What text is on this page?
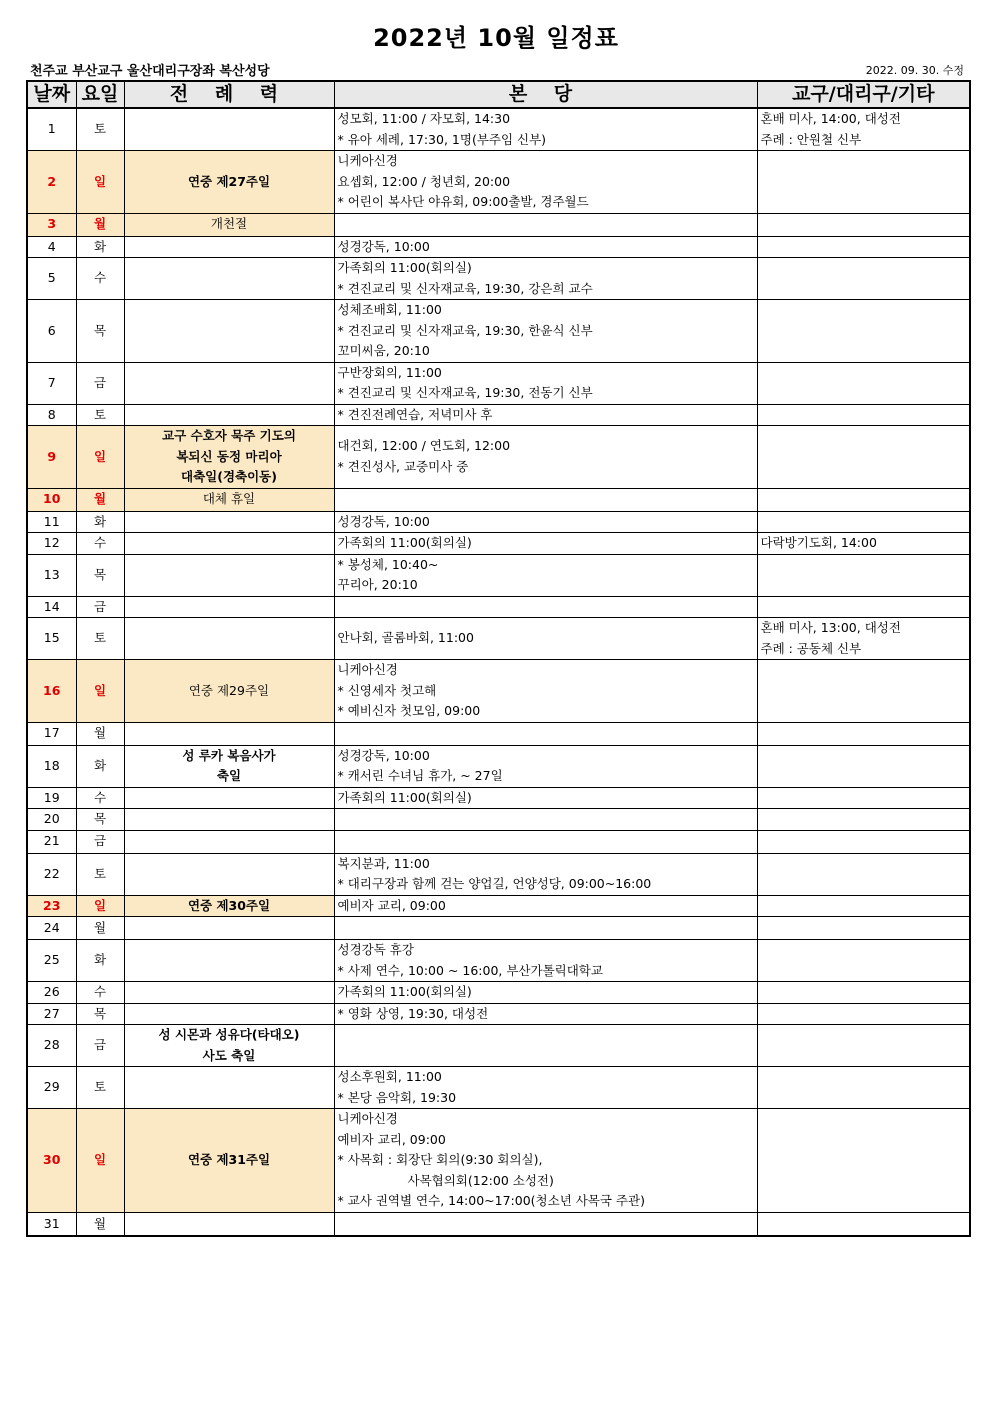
2022년 10월 일정표
천주교 부산교구 울산대리구장좌 복산성당	2022. 09. 30. 수정
날짜	요일	전 례 력	본 당	교구/대리구/기타
1	토		성모회, 11:00 / 자모회, 14:30
* 유아 세례, 17:30, 1명(부주임 신부)	혼배 미사, 14:00, 대성전
주례 : 안원철 신부

2	일	연중 제27주일	니케아신경
요셉회, 12:00 / 청년회, 20:00
* 어린이 복사단 야유회, 09:00출발, 경주월드	

3	월	개천절		

4	화		성경강독, 10:00	

5	수		가족회의 11:00(회의실)
* 견진교리 및 신자재교육, 19:30, 강은희 교수	

6	목		성체조배회, 11:00
* 견진교리 및 신자재교육, 19:30, 한윤식 신부
꼬미씨움, 20:10	

7	금		구반장회의, 11:00
* 견진교리 및 신자재교육, 19:30, 전동기 신부	

8	토		* 견진전례연습, 저녁미사 후	

9	일	교구 수호자 묵주 기도의
복되신 동정 마리아
대축일(경축이동)	대건회, 12:00 / 연도회, 12:00
* 견진성사, 교중미사 중	

10	월	대체 휴일		

11	화		성경강독, 10:00	

12	수		가족회의 11:00(회의실)	다락방기도회, 14:00

13	목		* 봉성체, 10:40~
꾸리아, 20:10	

14	금			
15	토		안나회, 골롬바회, 11:00	혼배 미사, 13:00, 대성전
주례 : 공동체 신부

16	일	연중 제29주일	니케아신경
* 신영세자 첫고해
* 예비신자 첫모임, 09:00	

17	월			
18	화	성 루카 복음사가
축일	성경강독, 10:00
* 캐서린 수녀님 휴가, ~ 27일	

19	수		가족회의 11:00(회의실)	

20	목			
21	금			
22	토		복지분과, 11:00
* 대리구장과 함께 걷는 양업길, 언양성당, 09:00~16:00	

23	일	연중 제30주일	예비자 교리, 09:00	

24	월			
25	화		성경강독 휴강
* 사제 연수, 10:00 ~ 16:00, 부산가톨릭대학교	

26	수		가족회의 11:00(회의실)	

27	목		* 영화 상영, 19:30, 대성전	

28	금	성 시몬과 성유다(타대오)
사도 축일		

29	토		성소후원회, 11:00
* 본당 음악회, 19:30	

30	일	연중 제31주일	니케아신경
예비자 교리, 09:00
* 사목회 : 회장단 회의(9:30 회의실),
사목협의회(12:00 소성전)
* 교사 권역별 연수, 14:00~17:00(청소년 사목국 주관)	

31	월			
